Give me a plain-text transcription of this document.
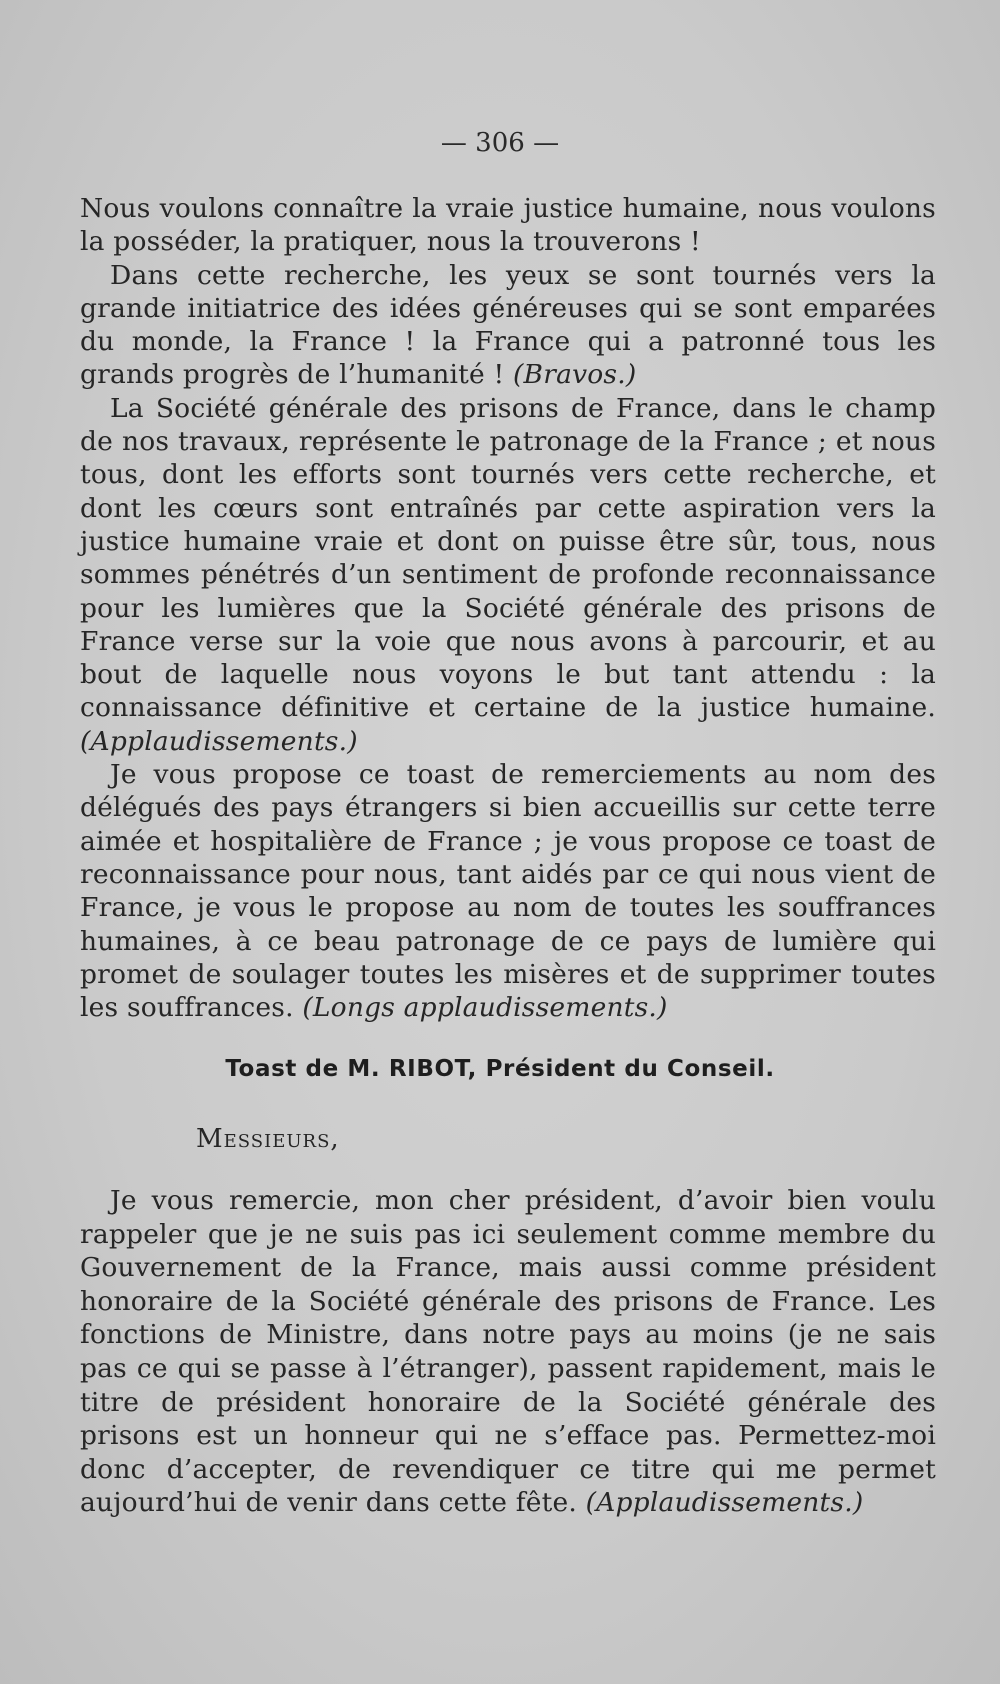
— 306 —

Nous voulons connaître la vraie justice humaine, nous voulons la posséder, la pratiquer, nous la trouverons !

Dans cette recherche, les yeux se sont tournés vers la grande initiatrice des idées généreuses qui se sont emparées du monde, la France ! la France qui a patronné tous les grands progrès de l’humanité ! (Bravos.)

La Société générale des prisons de France, dans le champ de nos travaux, représente le patronage de la France ; et nous tous, dont les efforts sont tournés vers cette recherche, et dont les cœurs sont entraînés par cette aspiration vers la justice humaine vraie et dont on puisse être sûr, tous, nous sommes pénétrés d’un sentiment de profonde reconnaissance pour les lumières que la Société générale des prisons de France verse sur la voie que nous avons à parcourir, et au bout de laquelle nous voyons le but tant attendu : la connaissance définitive et certaine de la justice humaine. (Applaudissements.)

Je vous propose ce toast de remerciements au nom des délégués des pays étrangers si bien accueillis sur cette terre aimée et hospitalière de France ; je vous propose ce toast de reconnaissance pour nous, tant aidés par ce qui nous vient de France, je vous le propose au nom de toutes les souffrances humaines, à ce beau patronage de ce pays de lumière qui promet de soulager toutes les misères et de supprimer toutes les souffrances. (Longs applaudissements.)

Toast de M. RIBOT, Président du Conseil.
Messieurs,

Je vous remercie, mon cher président, d’avoir bien voulu rappeler que je ne suis pas ici seulement comme membre du Gouvernement de la France, mais aussi comme président honoraire de la Société générale des prisons de France. Les fonctions de Ministre, dans notre pays au moins (je ne sais pas ce qui se passe à l’étranger), passent rapidement, mais le titre de président honoraire de la Société générale des prisons est un honneur qui ne s’efface pas. Permettez-moi donc d’accepter, de revendiquer ce titre qui me permet aujourd’hui de venir dans cette fête. (Applaudissements.)
